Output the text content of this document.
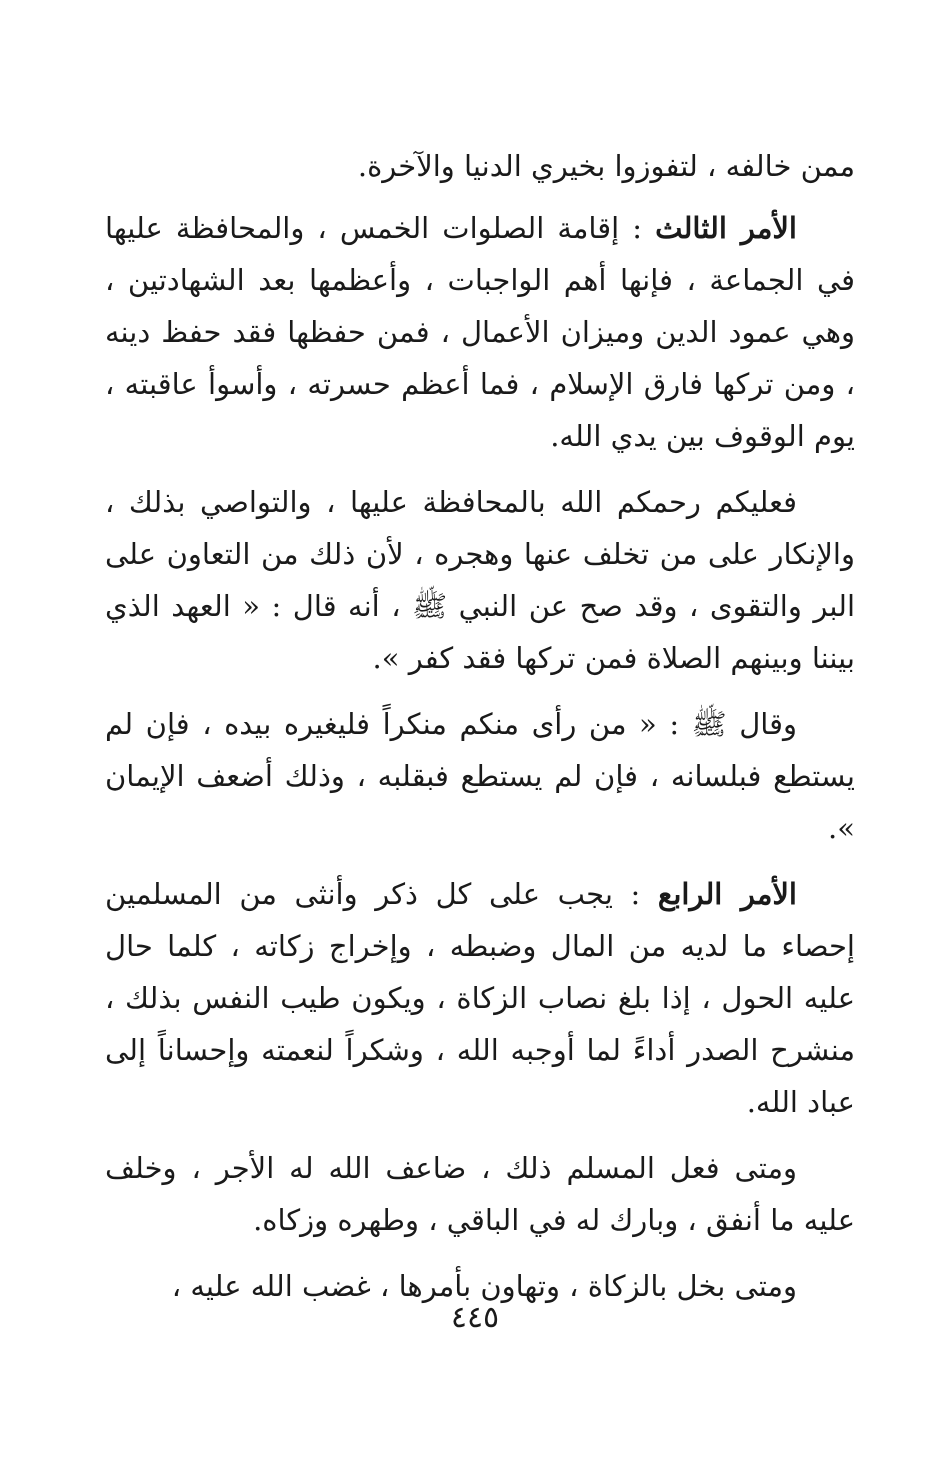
ممن خالفه ، لتفوزوا بخيري الدنيا والآخرة.

الأمر الثالث : إقامة الصلوات الخمس ، والمحافظة عليها في الجماعة ، فإنها أهم الواجبات ، وأعظمها بعد الشهادتين ، وهي عمود الدين وميزان الأعمال ، فمن حفظها فقد حفظ دينه ، ومن تركها فارق الإسلام ، فما أعظم حسرته ، وأسوأ عاقبته ، يوم الوقوف بين يدي الله.

فعليكم رحمكم الله بالمحافظة عليها ، والتواصي بذلك ، والإنكار على من تخلف عنها وهجره ، لأن ذلك من التعاون على البر والتقوى ، وقد صح عن النبي ﷺ ، أنه قال : « العهد الذي بيننا وبينهم الصلاة فمن تركها فقد كفر ».

وقال ﷺ : « من رأى منكم منكراً فليغيره بيده ، فإن لم يستطع فبلسانه ، فإن لم يستطع فبقلبه ، وذلك أضعف الإيمان ».

الأمر الرابع : يجب على كل ذكر وأنثى من المسلمين إحصاء ما لديه من المال وضبطه ، وإخراج زكاته ، كلما حال عليه الحول ، إذا بلغ نصاب الزكاة ، ويكون طيب النفس بذلك ، منشرح الصدر أداءً لما أوجبه الله ، وشكراً لنعمته وإحساناً إلى عباد الله.

ومتى فعل المسلم ذلك ، ضاعف الله له الأجر ، وخلف عليه ما أنفق ، وبارك له في الباقي ، وطهره وزكاه.

ومتى بخل بالزكاة ، وتهاون بأمرها ، غضب الله عليه ،

٤٤٥
